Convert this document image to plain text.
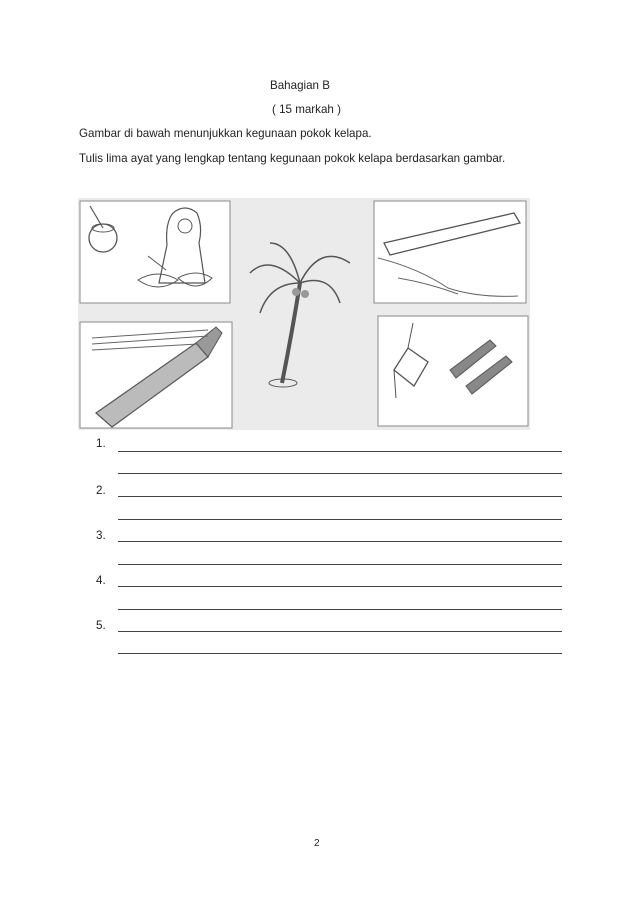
Bahagian B
( 15 markah )
Gambar di bawah menunjukkan kegunaan pokok kelapa.
Tulis lima ayat yang lengkap tentang kegunaan pokok kelapa berdasarkan gambar.
1.
2.
3.
4.
5.
2
